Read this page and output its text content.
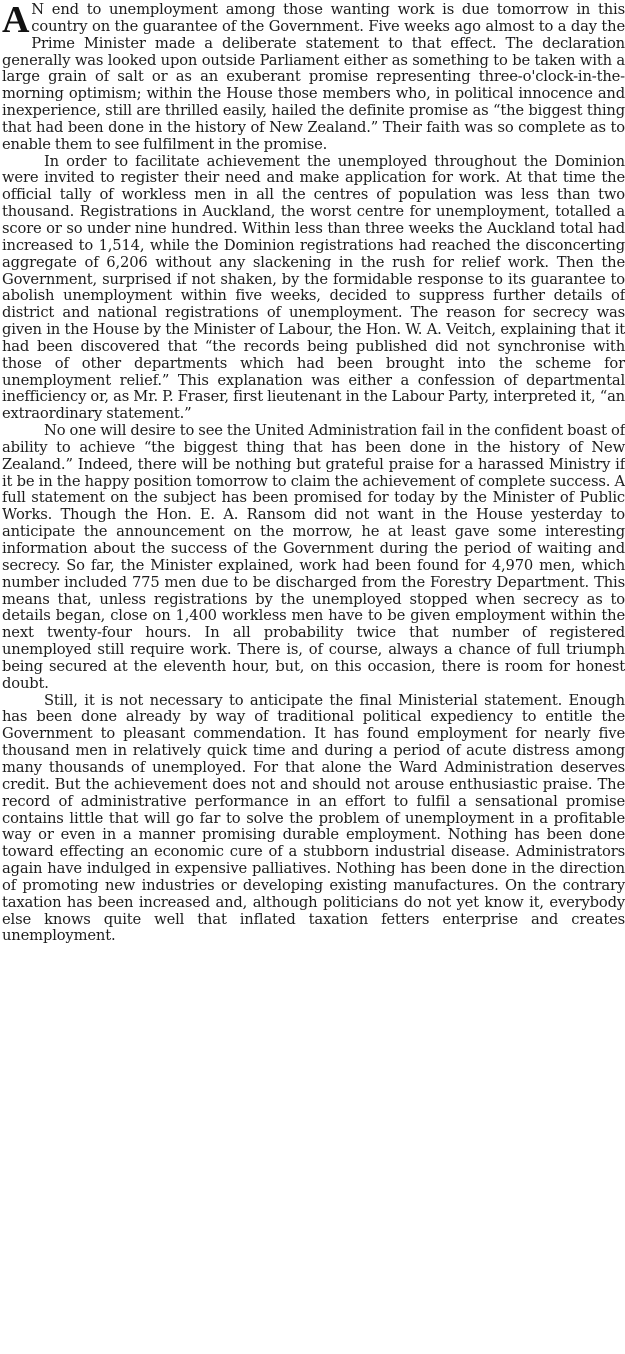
A N end to unemployment among those wanting work is due tomorrow in this country on the guarantee of the Government. Five weeks ago almost to a day the Prime Minister made a deliberate statement to that effect. The declaration generally was looked upon outside Parliament either as something to be taken with a large grain of salt or as an exuberant promise representing three-o'clock-in-the-morning optimism; within the House those members who, in political innocence and inexperience, still are thrilled easily, hailed the definite promise as “the biggest thing that had been done in the history of New Zealand.” Their faith was so complete as to enable them to see fulfilment in the promise.

In order to facilitate achievement the unemployed throughout the Dominion were invited to register their need and make application for work. At that time the official tally of workless men in all the centres of population was less than two thousand. Registrations in Auckland, the worst centre for unemployment, totalled a score or so under nine hundred. Within less than three weeks the Auckland total had increased to 1,514, while the Dominion registrations had reached the disconcerting aggregate of 6,206 without any slackening in the rush for relief work. Then the Government, surprised if not shaken, by the formidable response to its guarantee to abolish unemployment within five weeks, decided to suppress further details of district and national registrations of unemployment. The reason for secrecy was given in the House by the Minister of Labour, the Hon. W. A. Veitch, explaining that it had been discovered that “the records being published did not synchronise with those of other departments which had been brought into the scheme for unemployment relief.” This explanation was either a confession of departmental inefficiency or, as Mr. P. Fraser, first lieutenant in the Labour Party, interpreted it, “an extraordinary statement.”

No one will desire to see the United Administration fail in the confident boast of ability to achieve “the biggest thing that has been done in the history of New Zealand.” Indeed, there will be nothing but grateful praise for a harassed Ministry if it be in the happy position tomorrow to claim the achievement of complete success. A full statement on the subject has been promised for today by the Minister of Public Works. Though the Hon. E. A. Ransom did not want in the House yesterday to anticipate the announcement on the morrow, he at least gave some interesting information about the success of the Government during the period of waiting and secrecy. So far, the Minister explained, work had been found for 4,970 men, which number included 775 men due to be discharged from the Forestry Department. This means that, unless registrations by the unemployed stopped when secrecy as to details began, close on 1,400 workless men have to be given employment within the next twenty-four hours. In all probability twice that number of registered unemployed still require work. There is, of course, always a chance of full triumph being secured at the eleventh hour, but, on this occasion, there is room for honest doubt.

Still, it is not necessary to anticipate the final Ministerial statement. Enough has been done already by way of traditional political expediency to entitle the Government to pleasant commendation. It has found employment for nearly five thousand men in relatively quick time and during a period of acute distress among many thousands of unemployed. For that alone the Ward Administration deserves credit. But the achievement does not and should not arouse enthusiastic praise. The record of administrative performance in an effort to fulfil a sensational promise contains little that will go far to solve the problem of unemployment in a profitable way or even in a manner promising durable employment. Nothing has been done toward effecting an economic cure of a stubborn industrial disease. Administrators again have indulged in expensive palliatives. Nothing has been done in the direction of promoting new industries or developing existing manufactures. On the contrary taxation has been increased and, although politicians do not yet know it, everybody else knows quite well that inflated taxation fetters enterprise and creates unemployment.
